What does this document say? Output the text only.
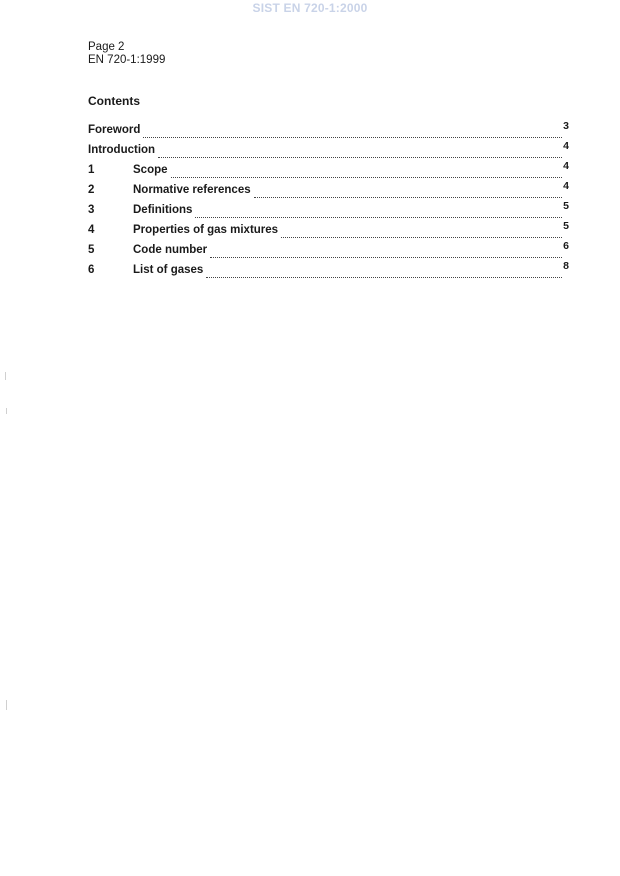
SIST EN 720-1:2000
Page 2
EN 720-1:1999
Contents
Foreword	3
Introduction	4
1	Scope	4
2	Normative references	4
3	Definitions	5
4	Properties of gas mixtures	5
5	Code number	6
6	List of gases	8
